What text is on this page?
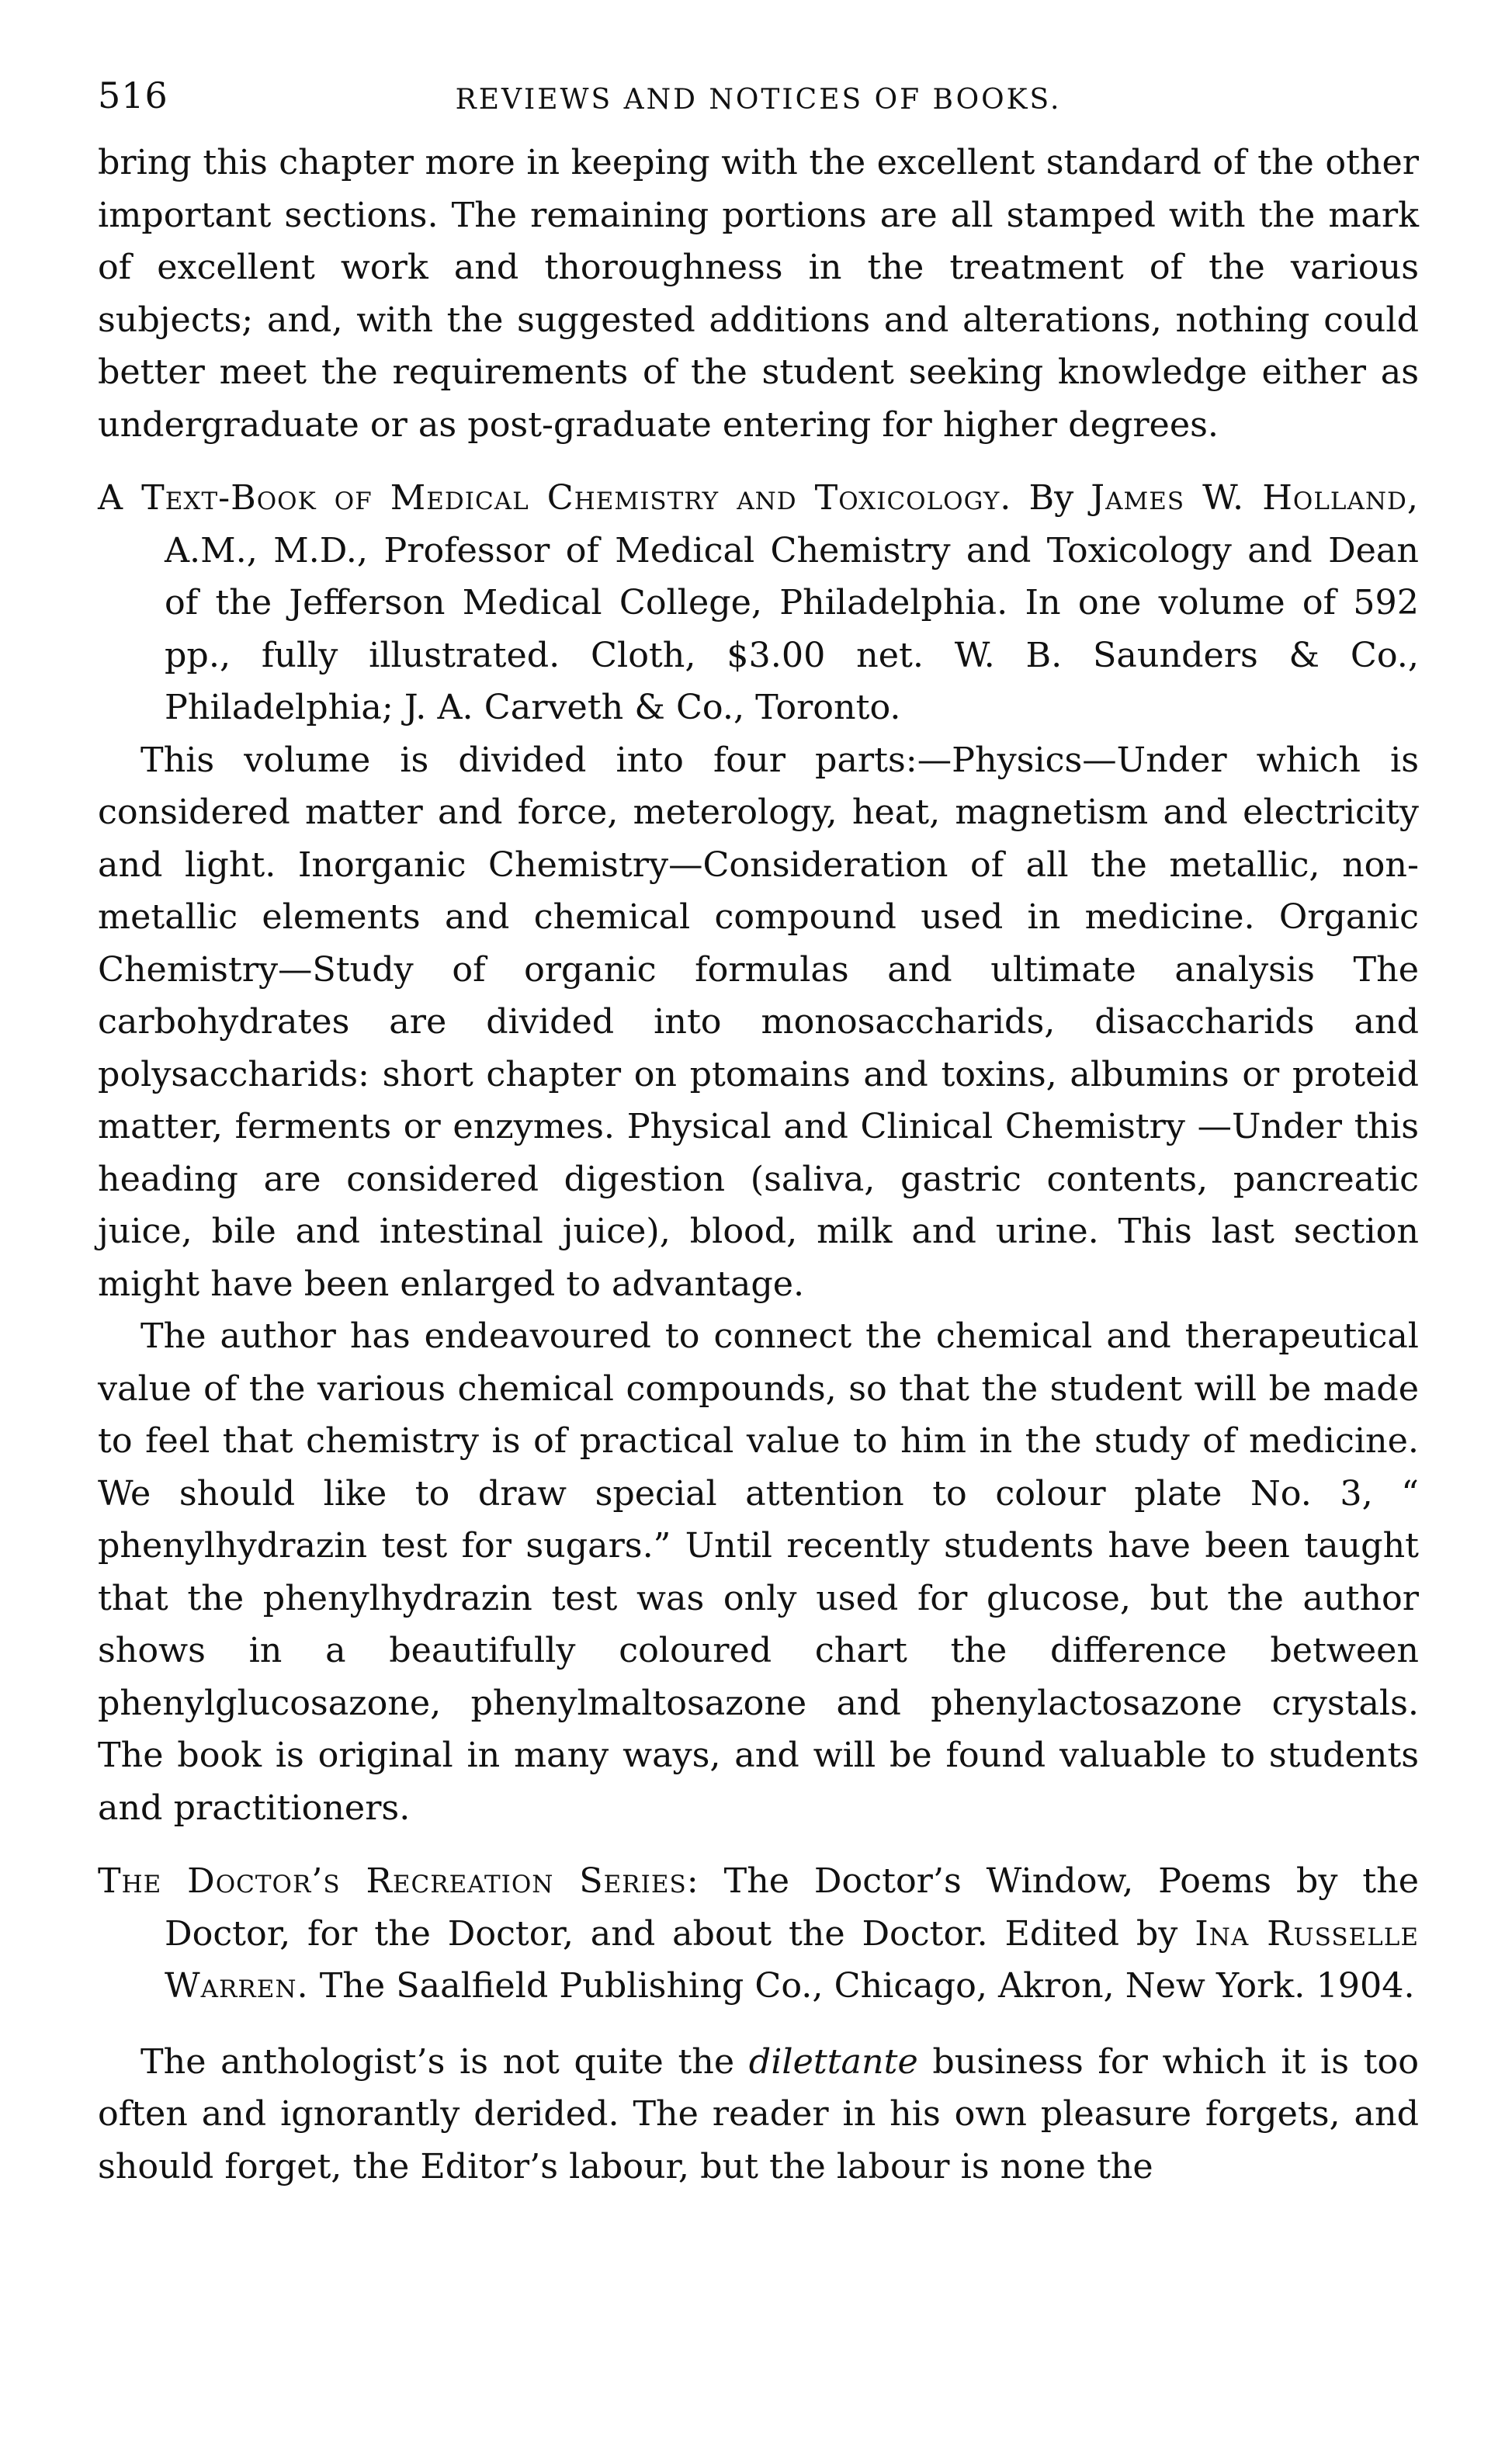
516	REVIEWS AND NOTICES OF BOOKS.

bring this chapter more in keeping with the excellent standard of the other important sections. The remaining portions are all stamped with the mark of excellent work and thoroughness in the treatment of the various subjects; and, with the suggested additions and alterations, nothing could better meet the requirements of the student seeking knowledge either as undergraduate or as post-graduate entering for higher degrees.

A Text-Book of Medical Chemistry and Toxicology. By James W. Holland, A.M., M.D., Professor of Medical Chemistry and Toxicology and Dean of the Jefferson Medical College, Philadelphia. In one volume of 592 pp., fully illustrated. Cloth, $3.00 net. W. B. Saunders & Co., Philadelphia; J. A. Carveth & Co., Toronto.

This volume is divided into four parts:—Physics—Under which is considered matter and force, meterology, heat, magnetism and electricity and light. Inorganic Chemistry—Consideration of all the metallic, non-metallic elements and chemical compound used in medicine. Organic Chemistry—Study of organic formulas and ultimate analysis The carbohydrates are divided into monosaccharids, disaccharids and polysaccharids: short chapter on ptomains and toxins, albumins or proteid matter, ferments or enzymes. Physical and Clinical Chemistry —Under this heading are considered digestion (saliva, gastric contents, pancreatic juice, bile and intestinal juice), blood, milk and urine. This last section might have been enlarged to advantage.

The author has endeavoured to connect the chemical and therapeutical value of the various chemical compounds, so that the student will be made to feel that chemistry is of practical value to him in the study of medicine. We should like to draw special attention to colour plate No. 3, “ phenylhydrazin test for sugars.” Until recently students have been taught that the phenylhydrazin test was only used for glucose, but the author shows in a beautifully coloured chart the difference between phenylglucosazone, phenylmaltosazone and phenylactosazone crystals. The book is original in many ways, and will be found valuable to students and practitioners.

The Doctor’s Recreation Series: The Doctor’s Window, Poems by the Doctor, for the Doctor, and about the Doctor. Edited by Ina Russelle Warren. The Saalfield Publishing Co., Chicago, Akron, New York. 1904.

The anthologist’s is not quite the dilettante business for which it is too often and ignorantly derided. The reader in his own pleasure forgets, and should forget, the Editor’s labour, but the labour is none the
